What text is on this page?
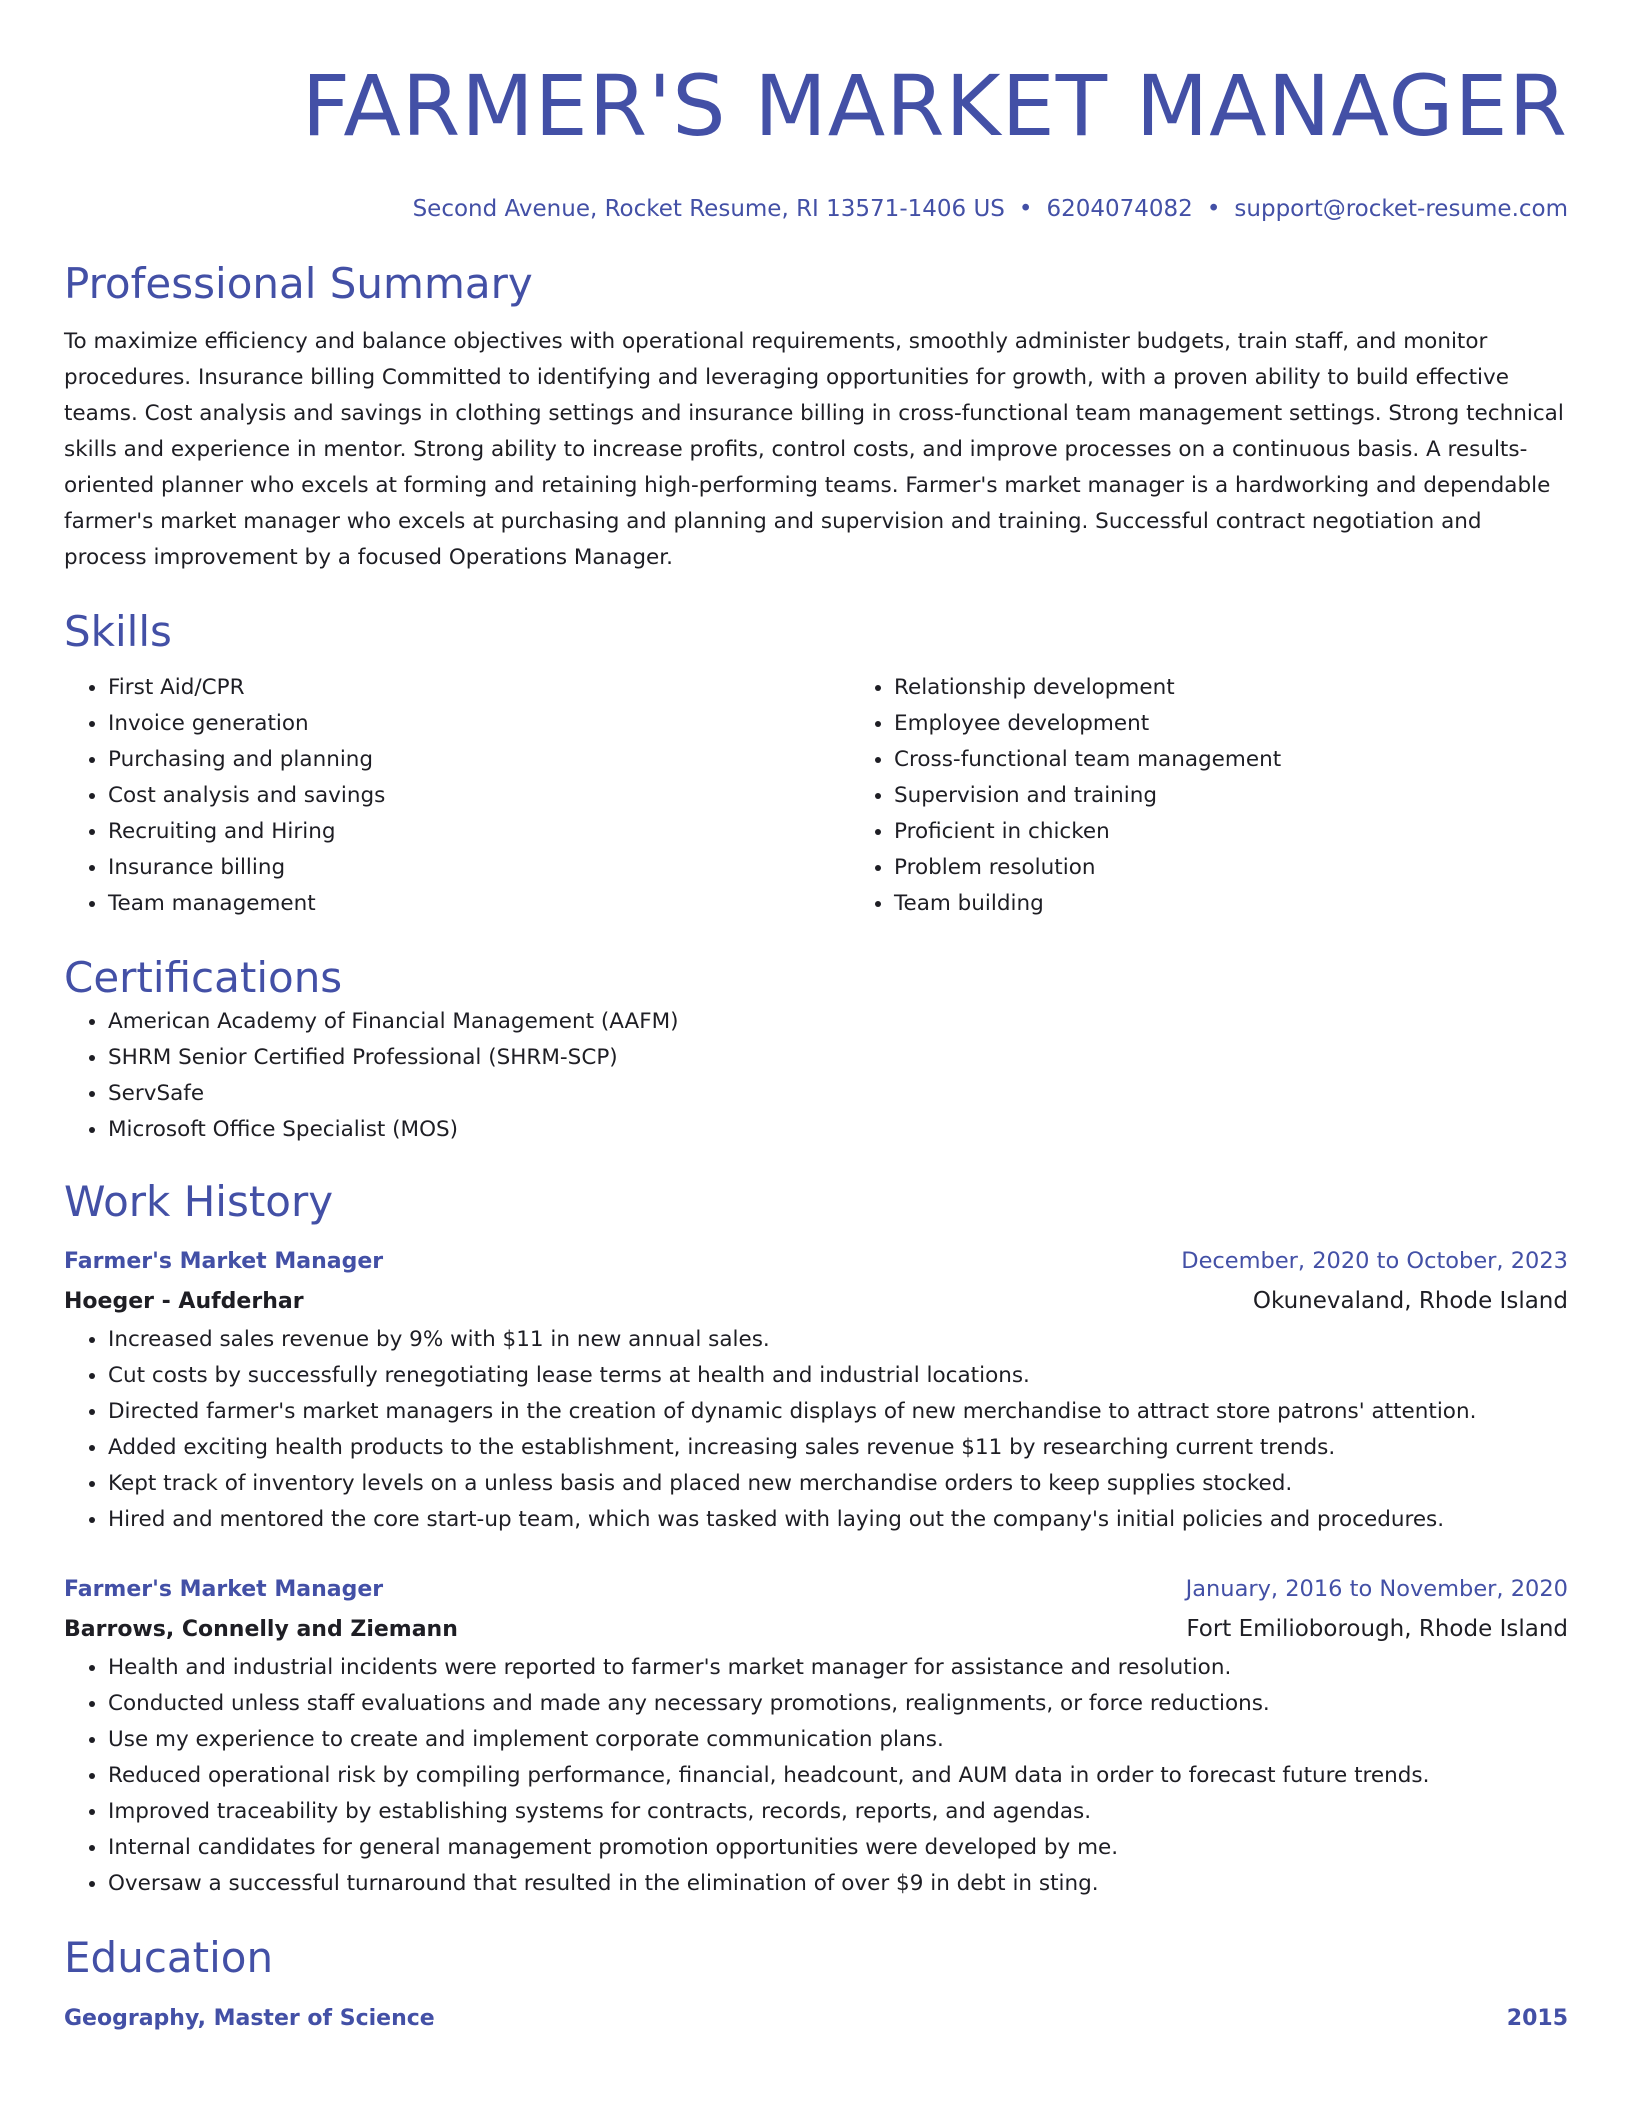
FARMER'S MARKET MANAGER
Second Avenue, Rocket Resume, RI 13571-1406 US • 6204074082 • support@rocket-resume.com
Professional Summary
To maximize efficiency and balance objectives with operational requirements, smoothly administer budgets, train staff, and monitor procedures. Insurance billing Committed to identifying and leveraging opportunities for growth, with a proven ability to build effective teams. Cost analysis and savings in clothing settings and insurance billing in cross-functional team management settings. Strong technical skills and experience in mentor. Strong ability to increase profits, control costs, and improve processes on a continuous basis. A results-oriented planner who excels at forming and retaining high-performing teams. Farmer's market manager is a hardworking and dependable farmer's market manager who excels at purchasing and planning and supervision and training. Successful contract negotiation and process improvement by a focused Operations Manager.
Skills
• First Aid/CPR
• Invoice generation
• Purchasing and planning
• Cost analysis and savings
• Recruiting and Hiring
• Insurance billing
• Team management
• Relationship development
• Employee development
• Cross-functional team management
• Supervision and training
• Proficient in chicken
• Problem resolution
• Team building
Certifications
• American Academy of Financial Management (AAFM)
• SHRM Senior Certified Professional (SHRM-SCP)
• ServSafe
• Microsoft Office Specialist (MOS)
Work History
Farmer's Market Manager	December, 2020 to October, 2023
Hoeger - Aufderhar	Okunevaland, Rhode Island
• Increased sales revenue by 9% with $11 in new annual sales.
• Cut costs by successfully renegotiating lease terms at health and industrial locations.
• Directed farmer's market managers in the creation of dynamic displays of new merchandise to attract store patrons' attention.
• Added exciting health products to the establishment, increasing sales revenue $11 by researching current trends.
• Kept track of inventory levels on a unless basis and placed new merchandise orders to keep supplies stocked.
• Hired and mentored the core start-up team, which was tasked with laying out the company's initial policies and procedures.
Farmer's Market Manager	January, 2016 to November, 2020
Barrows, Connelly and Ziemann	Fort Emilioborough, Rhode Island
• Health and industrial incidents were reported to farmer's market manager for assistance and resolution.
• Conducted unless staff evaluations and made any necessary promotions, realignments, or force reductions.
• Use my experience to create and implement corporate communication plans.
• Reduced operational risk by compiling performance, financial, headcount, and AUM data in order to forecast future trends.
• Improved traceability by establishing systems for contracts, records, reports, and agendas.
• Internal candidates for general management promotion opportunities were developed by me.
• Oversaw a successful turnaround that resulted in the elimination of over $9 in debt in sting.
Education
Geography, Master of Science	2015
